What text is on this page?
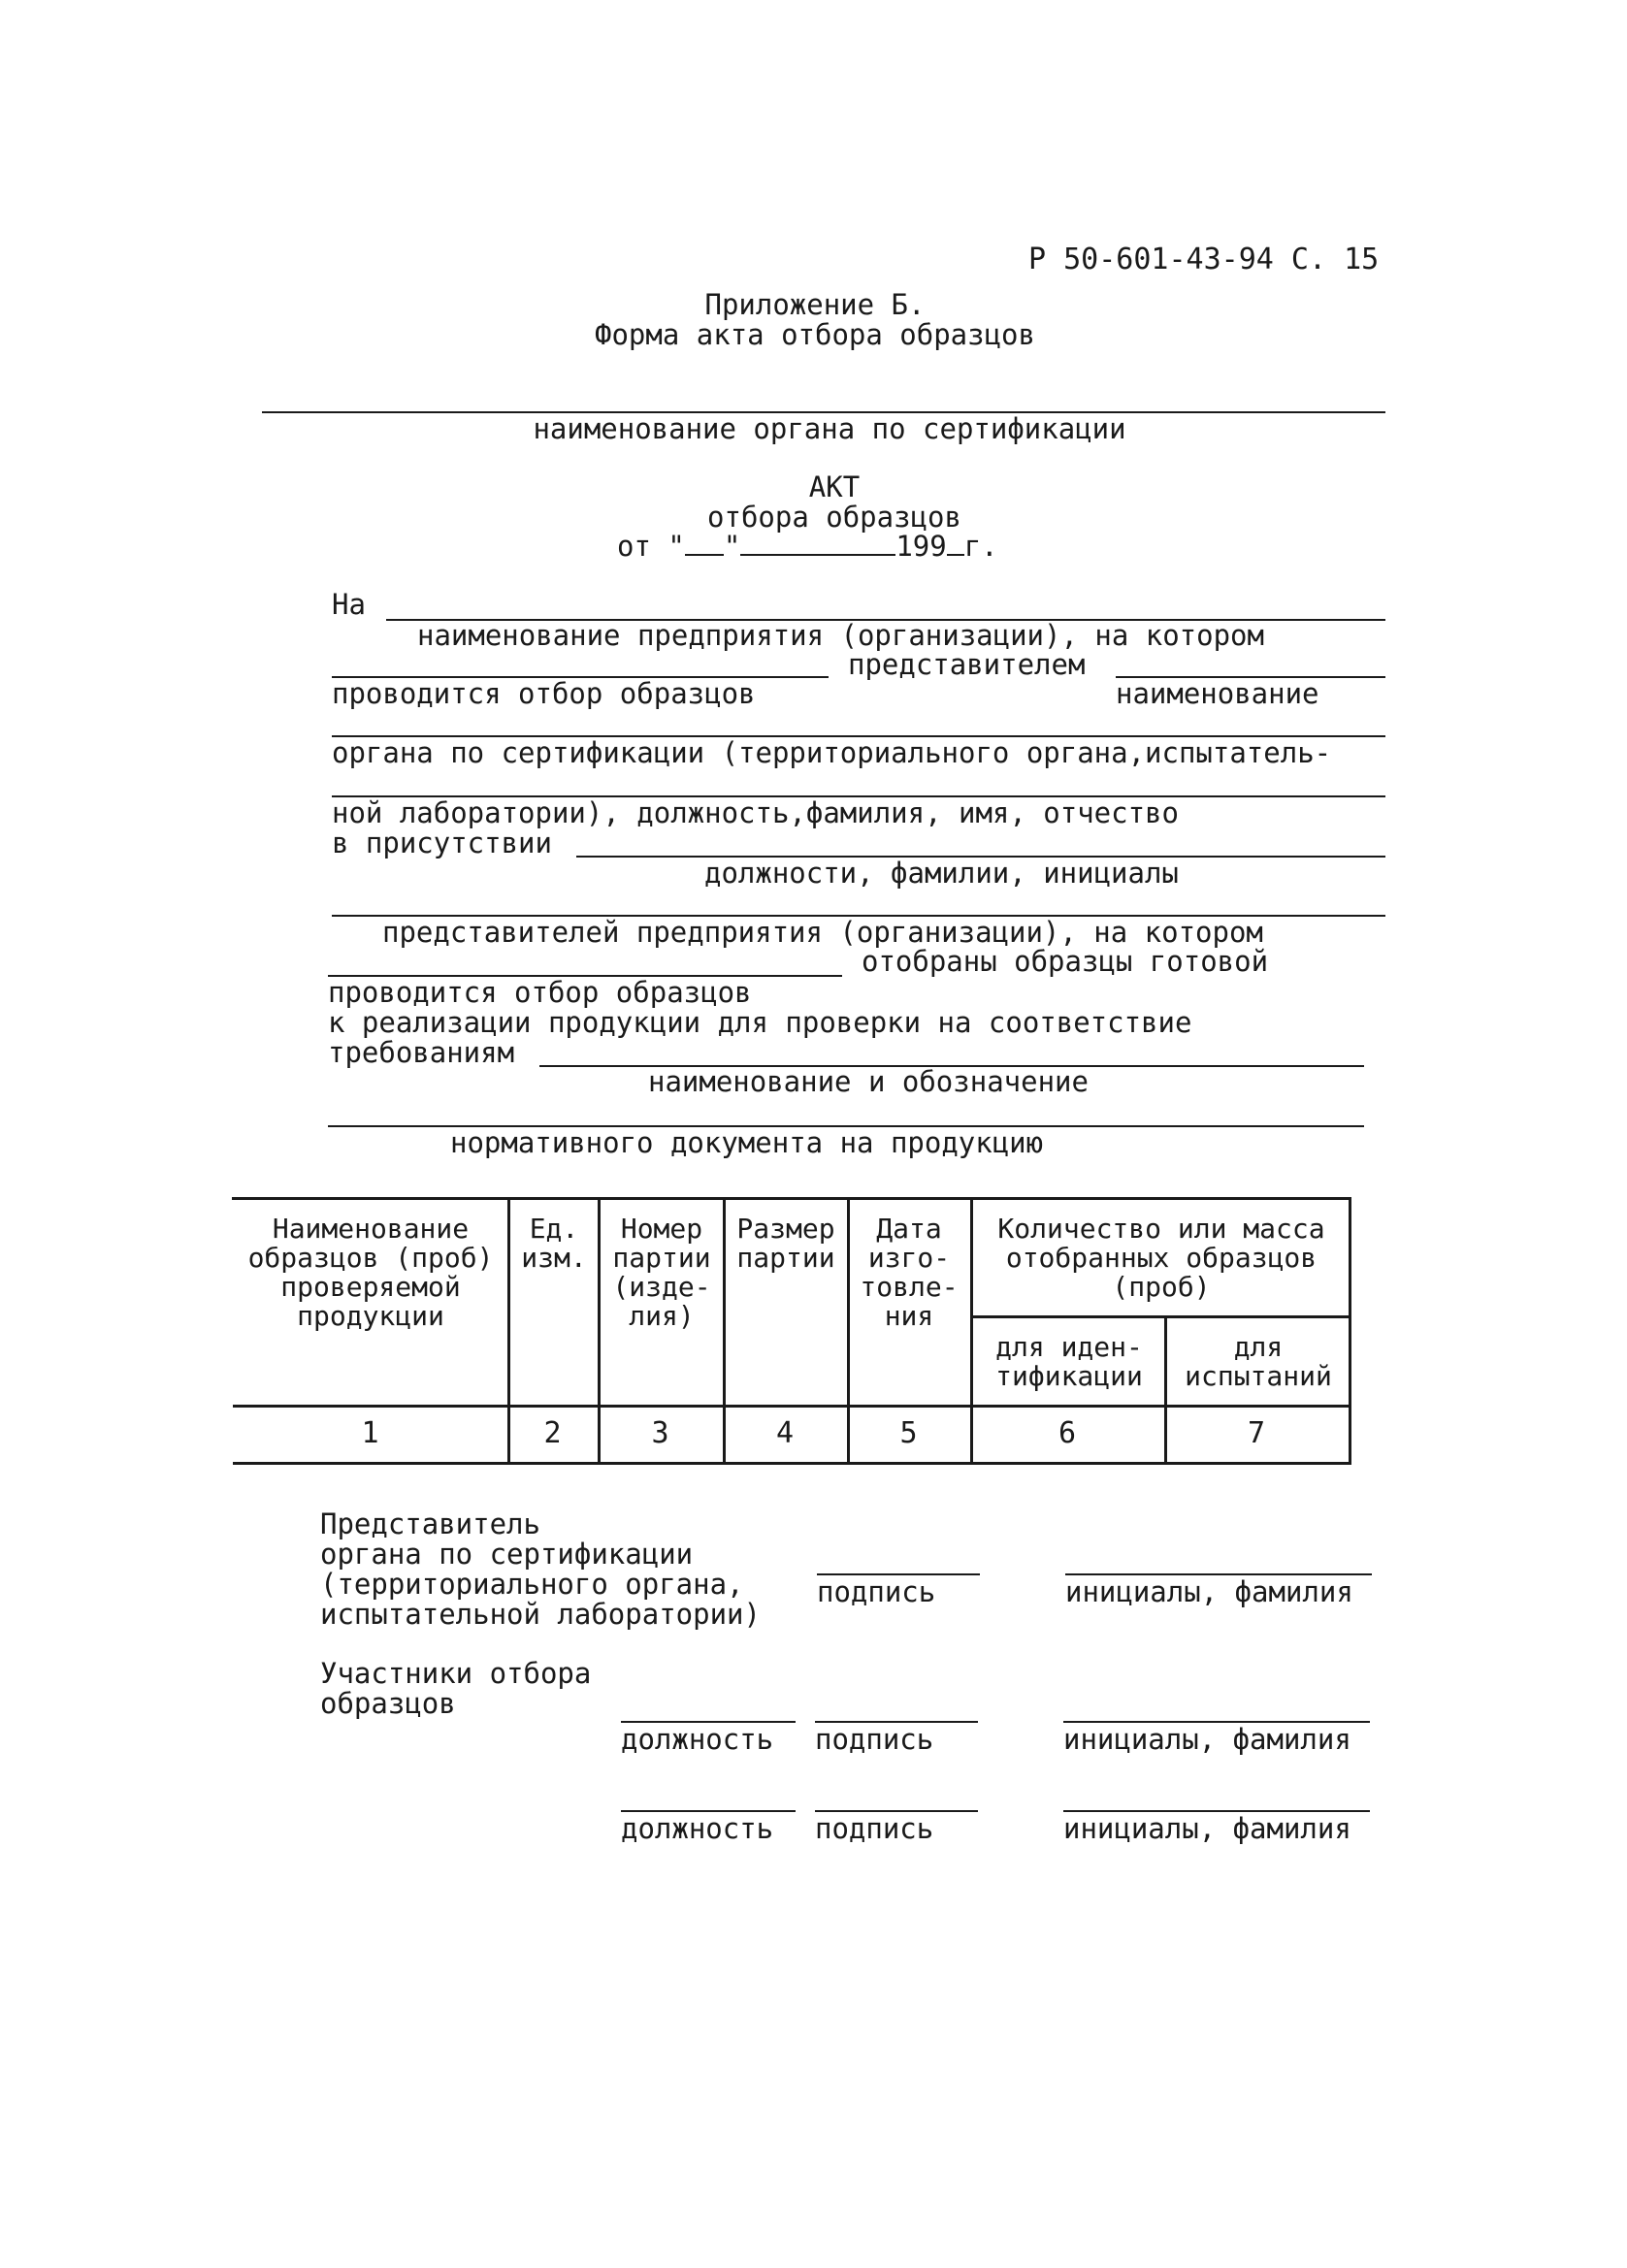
Р 50-601-43-94 С. 15
Приложение Б.
Форма акта отбора образцов
наименование органа по сертификации
АКТ
отбора образцов
от " "	199 г.
На
наименование предприятия (организации), на котором
представителем
проводится отбор образцов	наименование
органа по сертификации (территориального органа,испытатель-
ной лаборатории), должность,фамилия, имя, отчество
в присутствии
должности, фамилии, инициалы
представителей предприятия (организации), на котором
отобраны образцы готовой
проводится отбор образцов
к реализации продукции для проверки на соответствие
требованиям
наименование и обозначение
нормативного документа на продукцию
Наименование образцов (проб) проверяемой продукции
Ед. изм.
Номер партии (изде- лия)
Размер партии
Дата изго- товле- ния
Количество или масса отобранных образцов (проб)
для иден- тификации
для испытаний
1	2	3	4	5	6	7
Представитель
органа по сертификации
(территориального органа,
испытательной лаборатории)
подпись	инициалы, фамилия
Участники отбора
образцов
должность подпись	инициалы, фамилия
должность подпись	инициалы, фамилия
